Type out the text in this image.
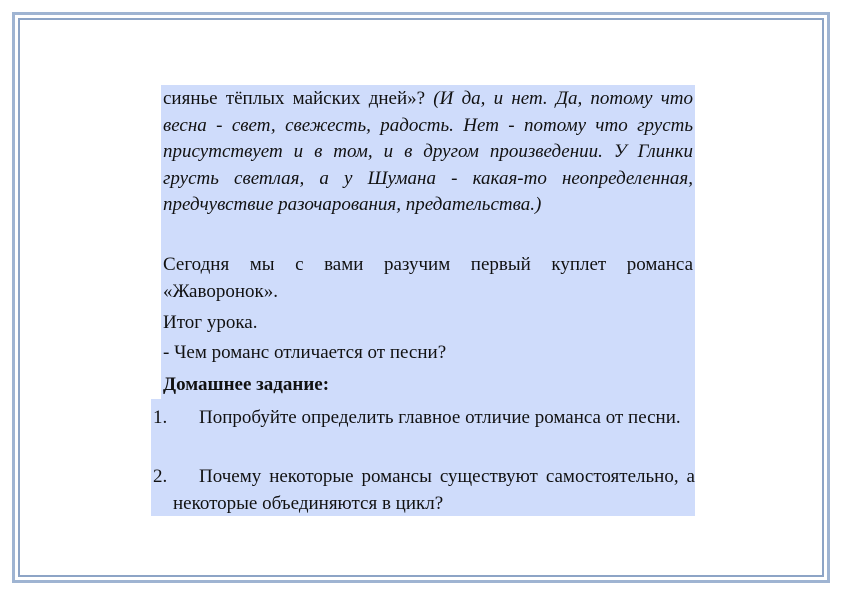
сиянье тёплых майских дней»? (И да, и нет. Да, потому что весна - свет, свежесть, радость. Нет - потому что грусть присутствует и в том, и в другом произведении. У Глинки грусть светлая, а у Шумана - какая-то неопределенная, предчувствие разочарования, предательства.)

Сегодня мы с вами разучим первый куплет романса «Жаворонок».

Итог урока.

- Чем романс отличается от песни?

Домашнее задание:

1.	Попробуйте определить главное отличие романса от песни.
2.	Почему некоторые романсы существуют самостоятельно, а некоторые объединяются в цикл?
